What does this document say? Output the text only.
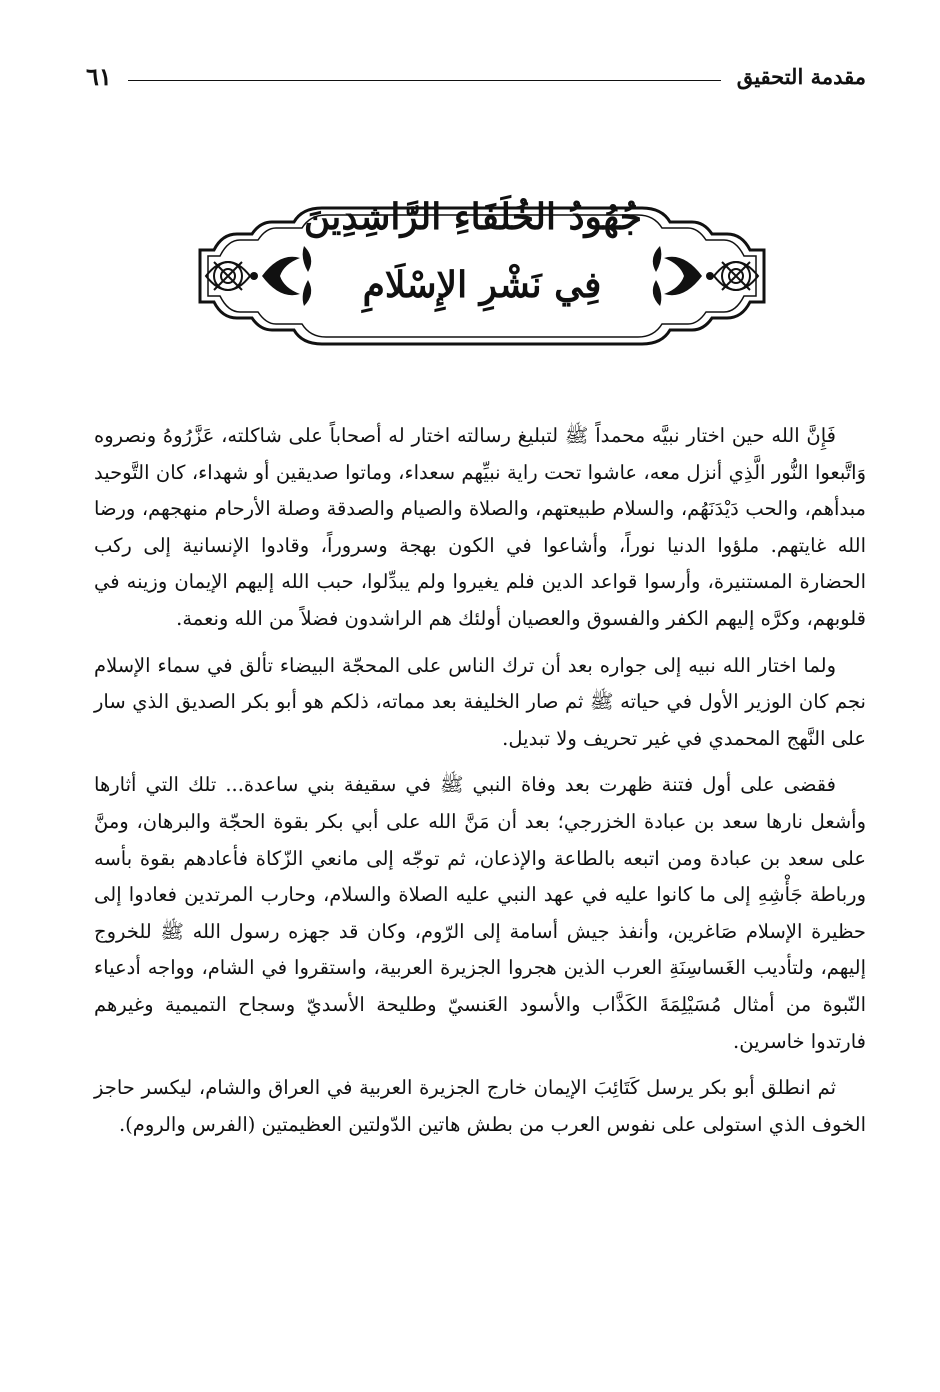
مقدمة التحقيق
٦١
جُهُودُ الخُلَفَاءِ الرَّاشِدِينَ
فِي نَشْرِ الإِسْلَامِ

فَإِنَّ الله حين اختار نبيَّه محمداً ﷺ لتبليغ رسالته اختار له أصحاباً على شاكلته، عَزَّرُوهُ ونصروه وَاتَّبعوا النُّور الَّذِي أنزل معه، عاشوا تحت راية نبيِّهم سعداء، وماتوا صديقين أو شهداء، كان التَّوحيد مبدأهم، والحب دَيْدَنَهُم، والسلام طبيعتهم، والصلاة والصيام والصدقة وصلة الأرحام منهجهم، ورضا الله غايتهم. ملؤوا الدنيا نوراً، وأشاعوا في الكون بهجة وسروراً، وقادوا الإنسانية إلى ركب الحضارة المستنيرة، وأرسوا قواعد الدين فلم يغيروا ولم يبدِّلوا، حبب الله إليهم الإيمان وزينه في قلوبهم، وكرَّه إليهم الكفر والفسوق والعصيان أولئك هم الراشدون فضلاً من الله ونعمة.

ولما اختار الله نبيه إلى جواره بعد أن ترك الناس على المحجّة البيضاء تألق في سماء الإسلام نجم كان الوزير الأول في حياته ﷺ ثم صار الخليفة بعد مماته، ذلكم هو أبو بكر الصديق الذي سار على النَّهج المحمدي في غير تحريف ولا تبديل.

فقضى على أول فتنة ظهرت بعد وفاة النبي ﷺ في سقيفة بني ساعدة... تلك التي أثارها وأشعل نارها سعد بن عبادة الخزرجي؛ بعد أن مَنَّ الله على أبي بكر بقوة الحجّة والبرهان، ومنَّ على سعد بن عبادة ومن اتبعه بالطاعة والإذعان، ثم توجّه إلى مانعي الزّكاة فأعادهم بقوة بأسه ورباطة جَأْشِهِ إلى ما كانوا عليه في عهد النبي عليه الصلاة والسلام، وحارب المرتدين فعادوا إلى حظيرة الإسلام صَاغرين، وأنفذ جيش أسامة إلى الرّوم، وكان قد جهزه رسول الله ﷺ للخروج إليهم، ولتأديب الغَساسِنَةِ العرب الذين هجروا الجزيرة العربية، واستقروا في الشام، وواجه أدعياء النّبوة من أمثال مُسَيْلِمَةَ الكَذَّاب والأسود العَنسيّ وطليحة الأسديّ وسجاح التميمية وغيرهم فارتدوا خاسرين.

ثم انطلق أبو بكر يرسل كَتَائِبَ الإيمان خارج الجزيرة العربية في العراق والشام، ليكسر حاجز الخوف الذي استولى على نفوس العرب من بطش هاتين الدّولتين العظيمتين (الفرس والروم).
